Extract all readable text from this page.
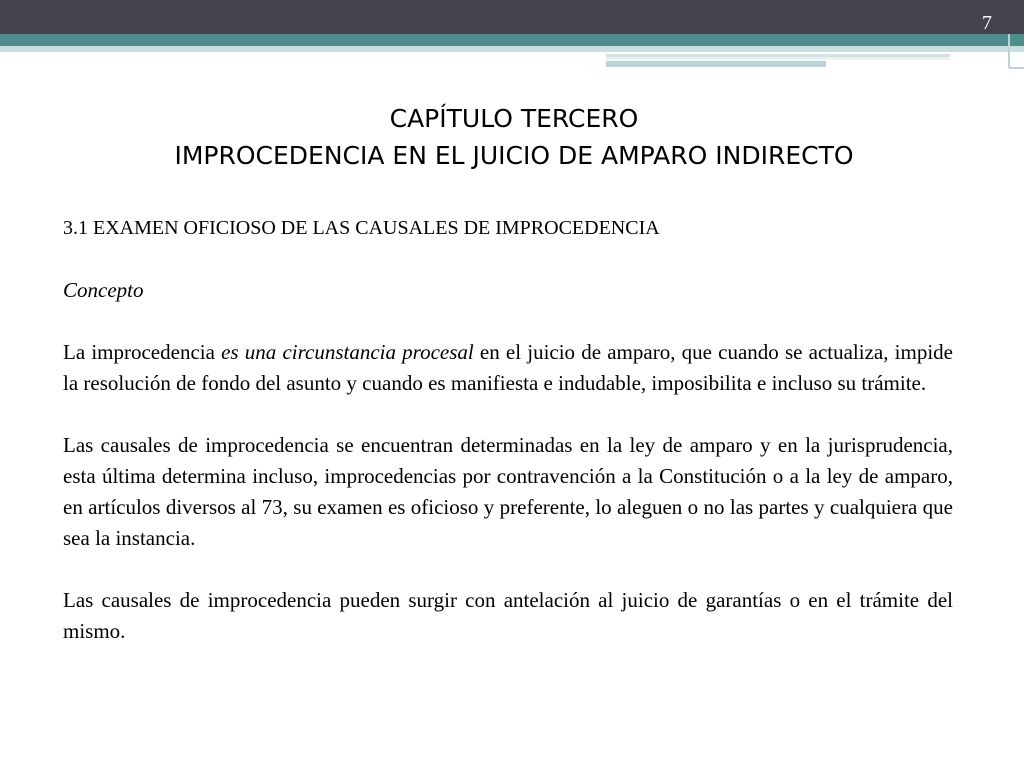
7
CAPÍTULO TERCERO
IMPROCEDENCIA EN EL JUICIO DE AMPARO INDIRECTO
3.1 EXAMEN OFICIOSO DE LAS CAUSALES DE IMPROCEDENCIA
Concepto
La improcedencia es una circunstancia procesal en el juicio de amparo, que cuando se actualiza, impide la resolución de fondo del asunto y cuando es manifiesta e indudable, imposibilita e incluso su trámite.
Las causales de improcedencia se encuentran determinadas en la ley de amparo y en la jurisprudencia, esta última determina incluso, improcedencias por contravención a la Constitución o a la ley de amparo, en artículos diversos al 73, su examen es oficioso y preferente, lo aleguen o no las partes y cualquiera que sea la instancia.
Las causales de improcedencia pueden surgir con antelación al juicio de garantías o en el trámite del mismo.
